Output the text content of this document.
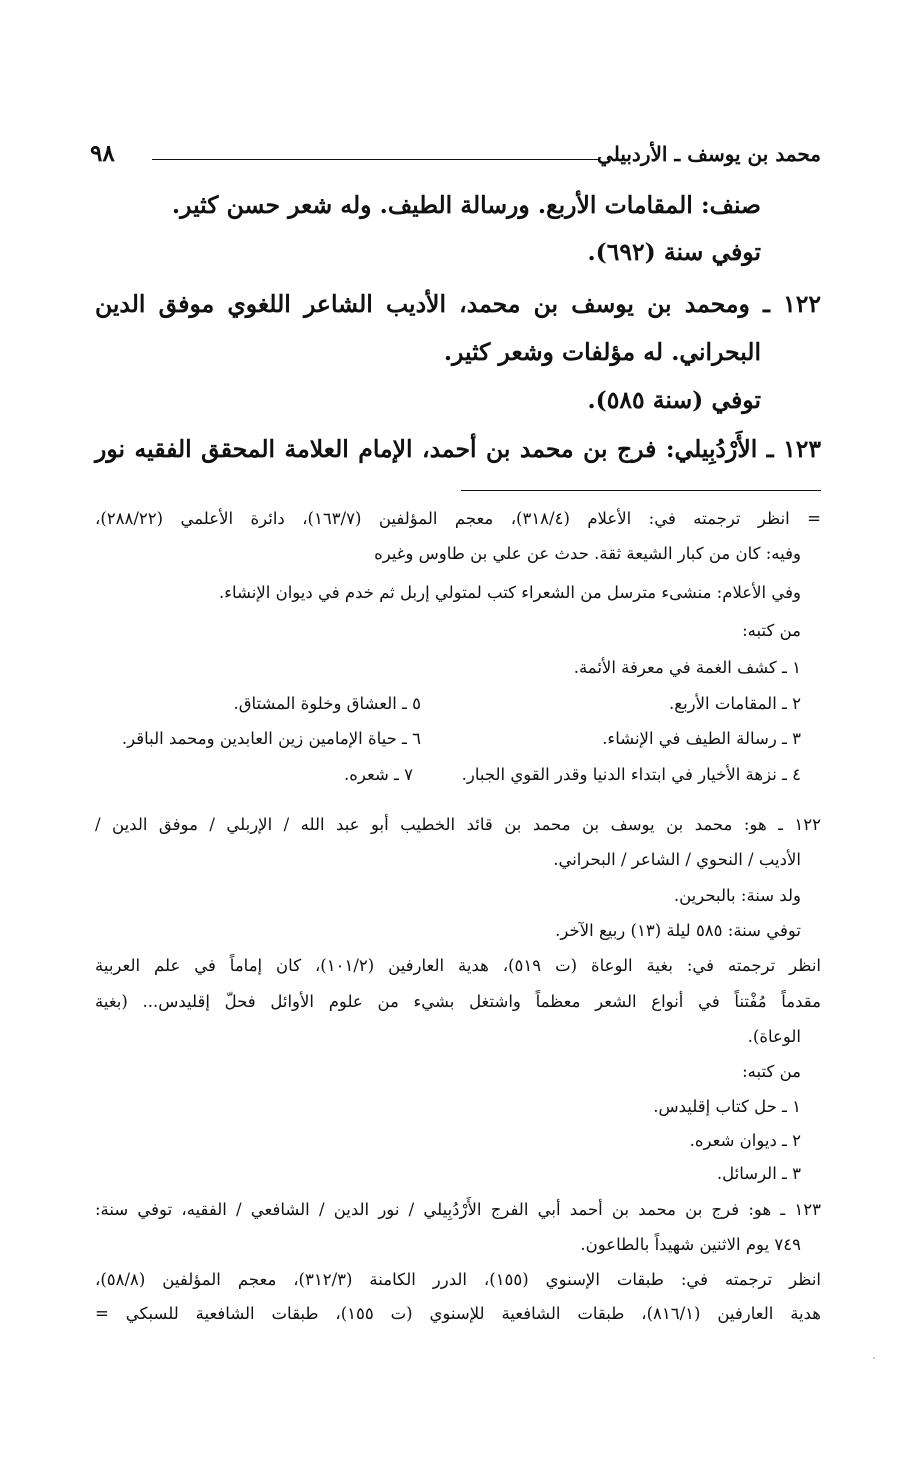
محمد بن يوسف ـ الأردبيلي
٩٨
صنف: المقامات الأربع. ورسالة الطيف. وله شعر حسن كثير.
توفي سنة (٦٩٢).
١٢٢ ـ ومحمد بن يوسف بن محمد، الأديب الشاعر اللغوي موفق الدين
البحراني. له مؤلفات وشعر كثير.
توفي (سنة ٥٨٥).
١٢٣ ـ الأَرْدُبِيلي: فرج بن محمد بن أحمد، الإمام العلامة المحقق الفقيه نور
= انظر ترجمته في: الأعلام (٣١٨/٤)، معجم المؤلفين (١٦٣/٧)، دائرة الأعلمي (٢٨٨/٢٢)،
وفيه: كان من كبار الشيعة ثقة. حدث عن علي بن طاوس وغيره
وفي الأعلام: منشىء مترسل من الشعراء كتب لمتولي إربل ثم خدم في ديوان الإنشاء.
من كتبه:
١ ـ كشف الغمة في معرفة الأئمة.
٢ ـ المقامات الأربع.
٥ ـ العشاق وخلوة المشتاق.
٣ ـ رسالة الطيف في الإنشاء.
٦ ـ حياة الإمامين زين العابدين ومحمد الباقر.
٤ ـ نزهة الأخيار في ابتداء الدنيا وقدر القوي الجبار.
٧ ـ شعره.
١٢٢ ـ هو: محمد بن يوسف بن محمد بن قائد الخطيب أبو عبد الله / الإربلي / موفق الدين /
الأديب / النحوي / الشاعر / البحراني.
ولد سنة: بالبحرين.
توفي سنة: ٥٨٥ ليلة (١٣) ربيع الآخر.
انظر ترجمته في: بغية الوعاة (ت ٥١٩)، هدية العارفين (١٠١/٢)، كان إماماً في علم العربية
مقدماً مُفْتناً في أنواع الشعر معظماً واشتغل بشيء من علوم الأوائل فحلّ إقليدس... (بغية
الوعاة).
من كتبه:
١ ـ حل كتاب إقليدس.
٢ ـ ديوان شعره.
٣ ـ الرسائل.
١٢٣ ـ هو: فرج بن محمد بن أحمد أبي الفرج الأَرْدُبِيلي / نور الدين / الشافعي / الفقيه، توفي سنة:
٧٤٩ يوم الاثنين شهيداً بالطاعون.
انظر ترجمته في: طبقات الإسنوي (١٥٥)، الدرر الكامنة (٣١٢/٣)، معجم المؤلفين (٥٨/٨)،
هدية العارفين (٨١٦/١)، طبقات الشافعية للإسنوي (ت ١٥٥)، طبقات الشافعية للسبكي =
